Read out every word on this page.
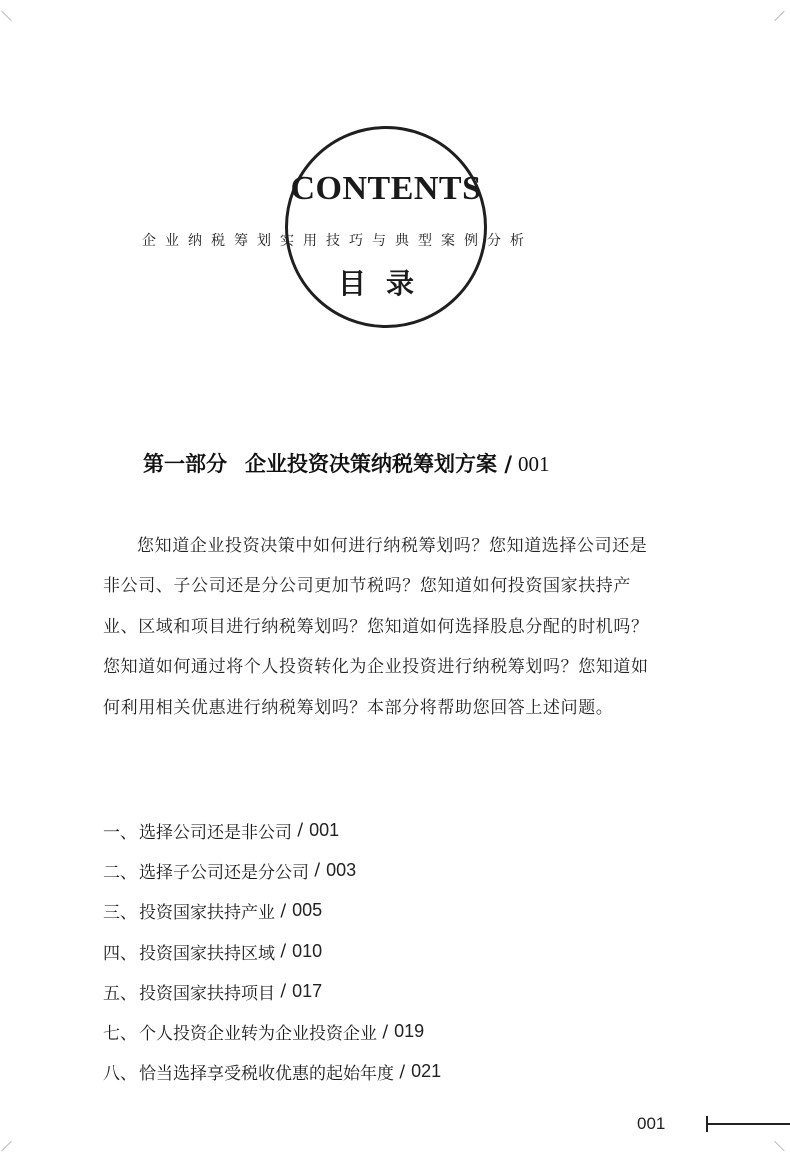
CONTENTS
企业纳税筹划实用技巧与典型案例分析
目录
第一部分 企业投资决策纳税筹划方案 / 001

您知道企业投资决策中如何进行纳税筹划吗？您知道选择公司还是非公司、子公司还是分公司更加节税吗？您知道如何投资国家扶持产业、区域和项目进行纳税筹划吗？您知道如何选择股息分配的时机吗？您知道如何通过将个人投资转化为企业投资进行纳税筹划吗？您知道如何利用相关优惠进行纳税筹划吗？本部分将帮助您回答上述问题。

一、 选择公司还是非公司
/ 001
二、 选择子公司还是分公司
/ 003
三、 投资国家扶持产业
/ 005
四、 投资国家扶持区域
/ 010
五、 投资国家扶持项目
/ 017
七、 个人投资企业转为企业投资企业
/ 019
八、 恰当选择享受税收优惠的起始年度
/ 021
001
